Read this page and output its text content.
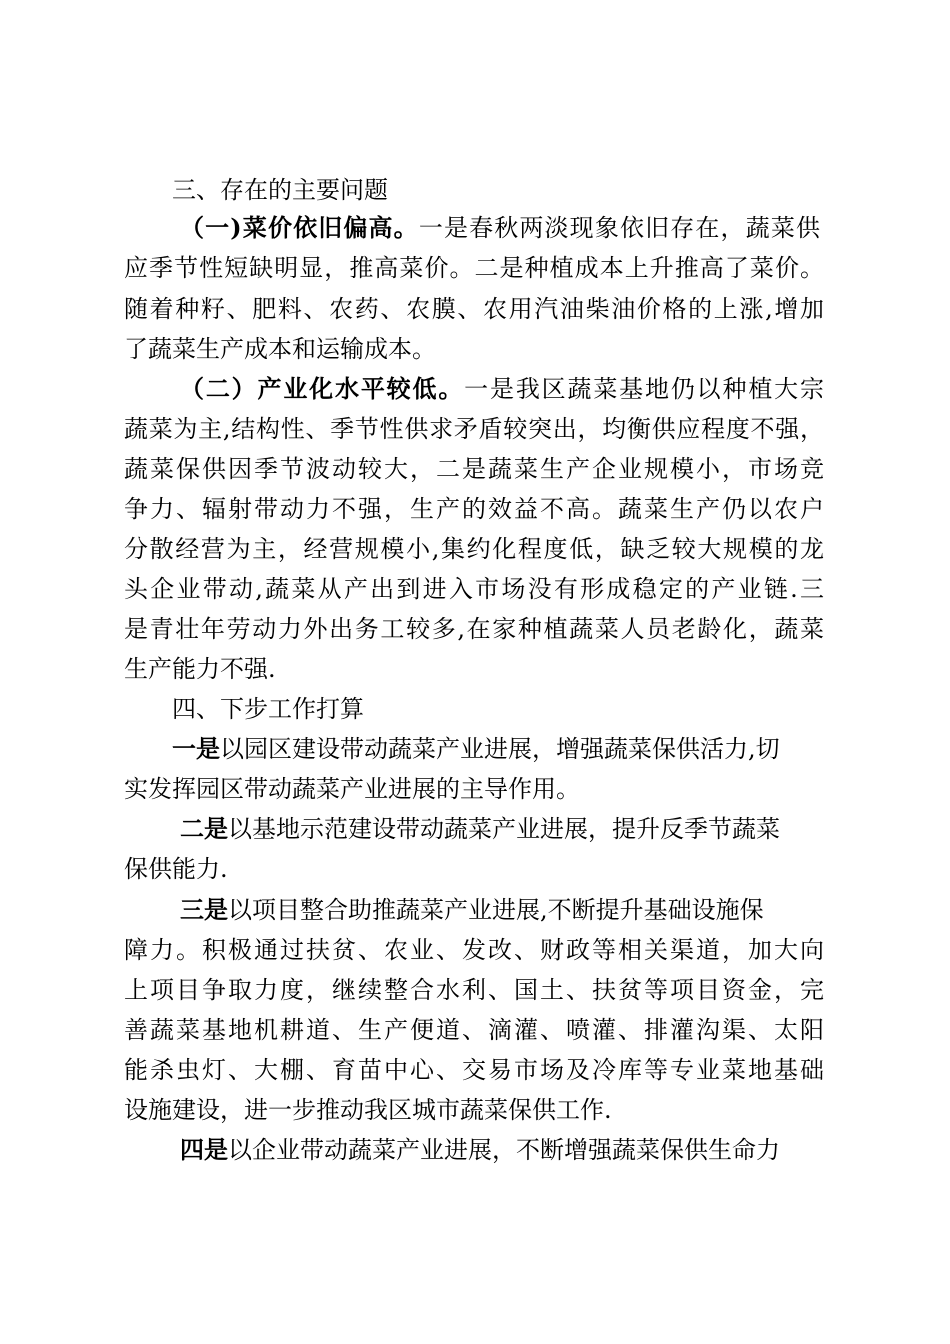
三、存在的主要问题
（一)菜价依旧偏高。一是春秋两淡现象依旧存在，蔬菜供
应季节性短缺明显，推高菜价。二是种植成本上升推高了菜价。
随着种籽、肥料、农药、农膜、农用汽油柴油价格的上涨,增加
了蔬菜生产成本和运输成本。
（二）产业化水平较低。一是我区蔬菜基地仍以种植大宗
蔬菜为主,结构性、季节性供求矛盾较突出，均衡供应程度不强，
蔬菜保供因季节波动较大，二是蔬菜生产企业规模小，市场竞
争力、辐射带动力不强，生产的效益不高。蔬菜生产仍以农户
分散经营为主，经营规模小,集约化程度低，缺乏较大规模的龙
头企业带动,蔬菜从产出到进入市场没有形成稳定的产业链.三
是青壮年劳动力外出务工较多,在家种植蔬菜人员老龄化，蔬菜
生产能力不强.
四、下步工作打算
一是以园区建设带动蔬菜产业进展，增强蔬菜保供活力,切
实发挥园区带动蔬菜产业进展的主导作用。
二是以基地示范建设带动蔬菜产业进展，提升反季节蔬菜
保供能力.
三是以项目整合助推蔬菜产业进展,不断提升基础设施保
障力。积极通过扶贫、农业、发改、财政等相关渠道，加大向
上项目争取力度，继续整合水利、国土、扶贫等项目资金，完
善蔬菜基地机耕道、生产便道、滴灌、喷灌、排灌沟渠、太阳
能杀虫灯、大棚、育苗中心、交易市场及冷库等专业菜地基础
设施建设，进一步推动我区城市蔬菜保供工作.
四是以企业带动蔬菜产业进展，不断增强蔬菜保供生命力
